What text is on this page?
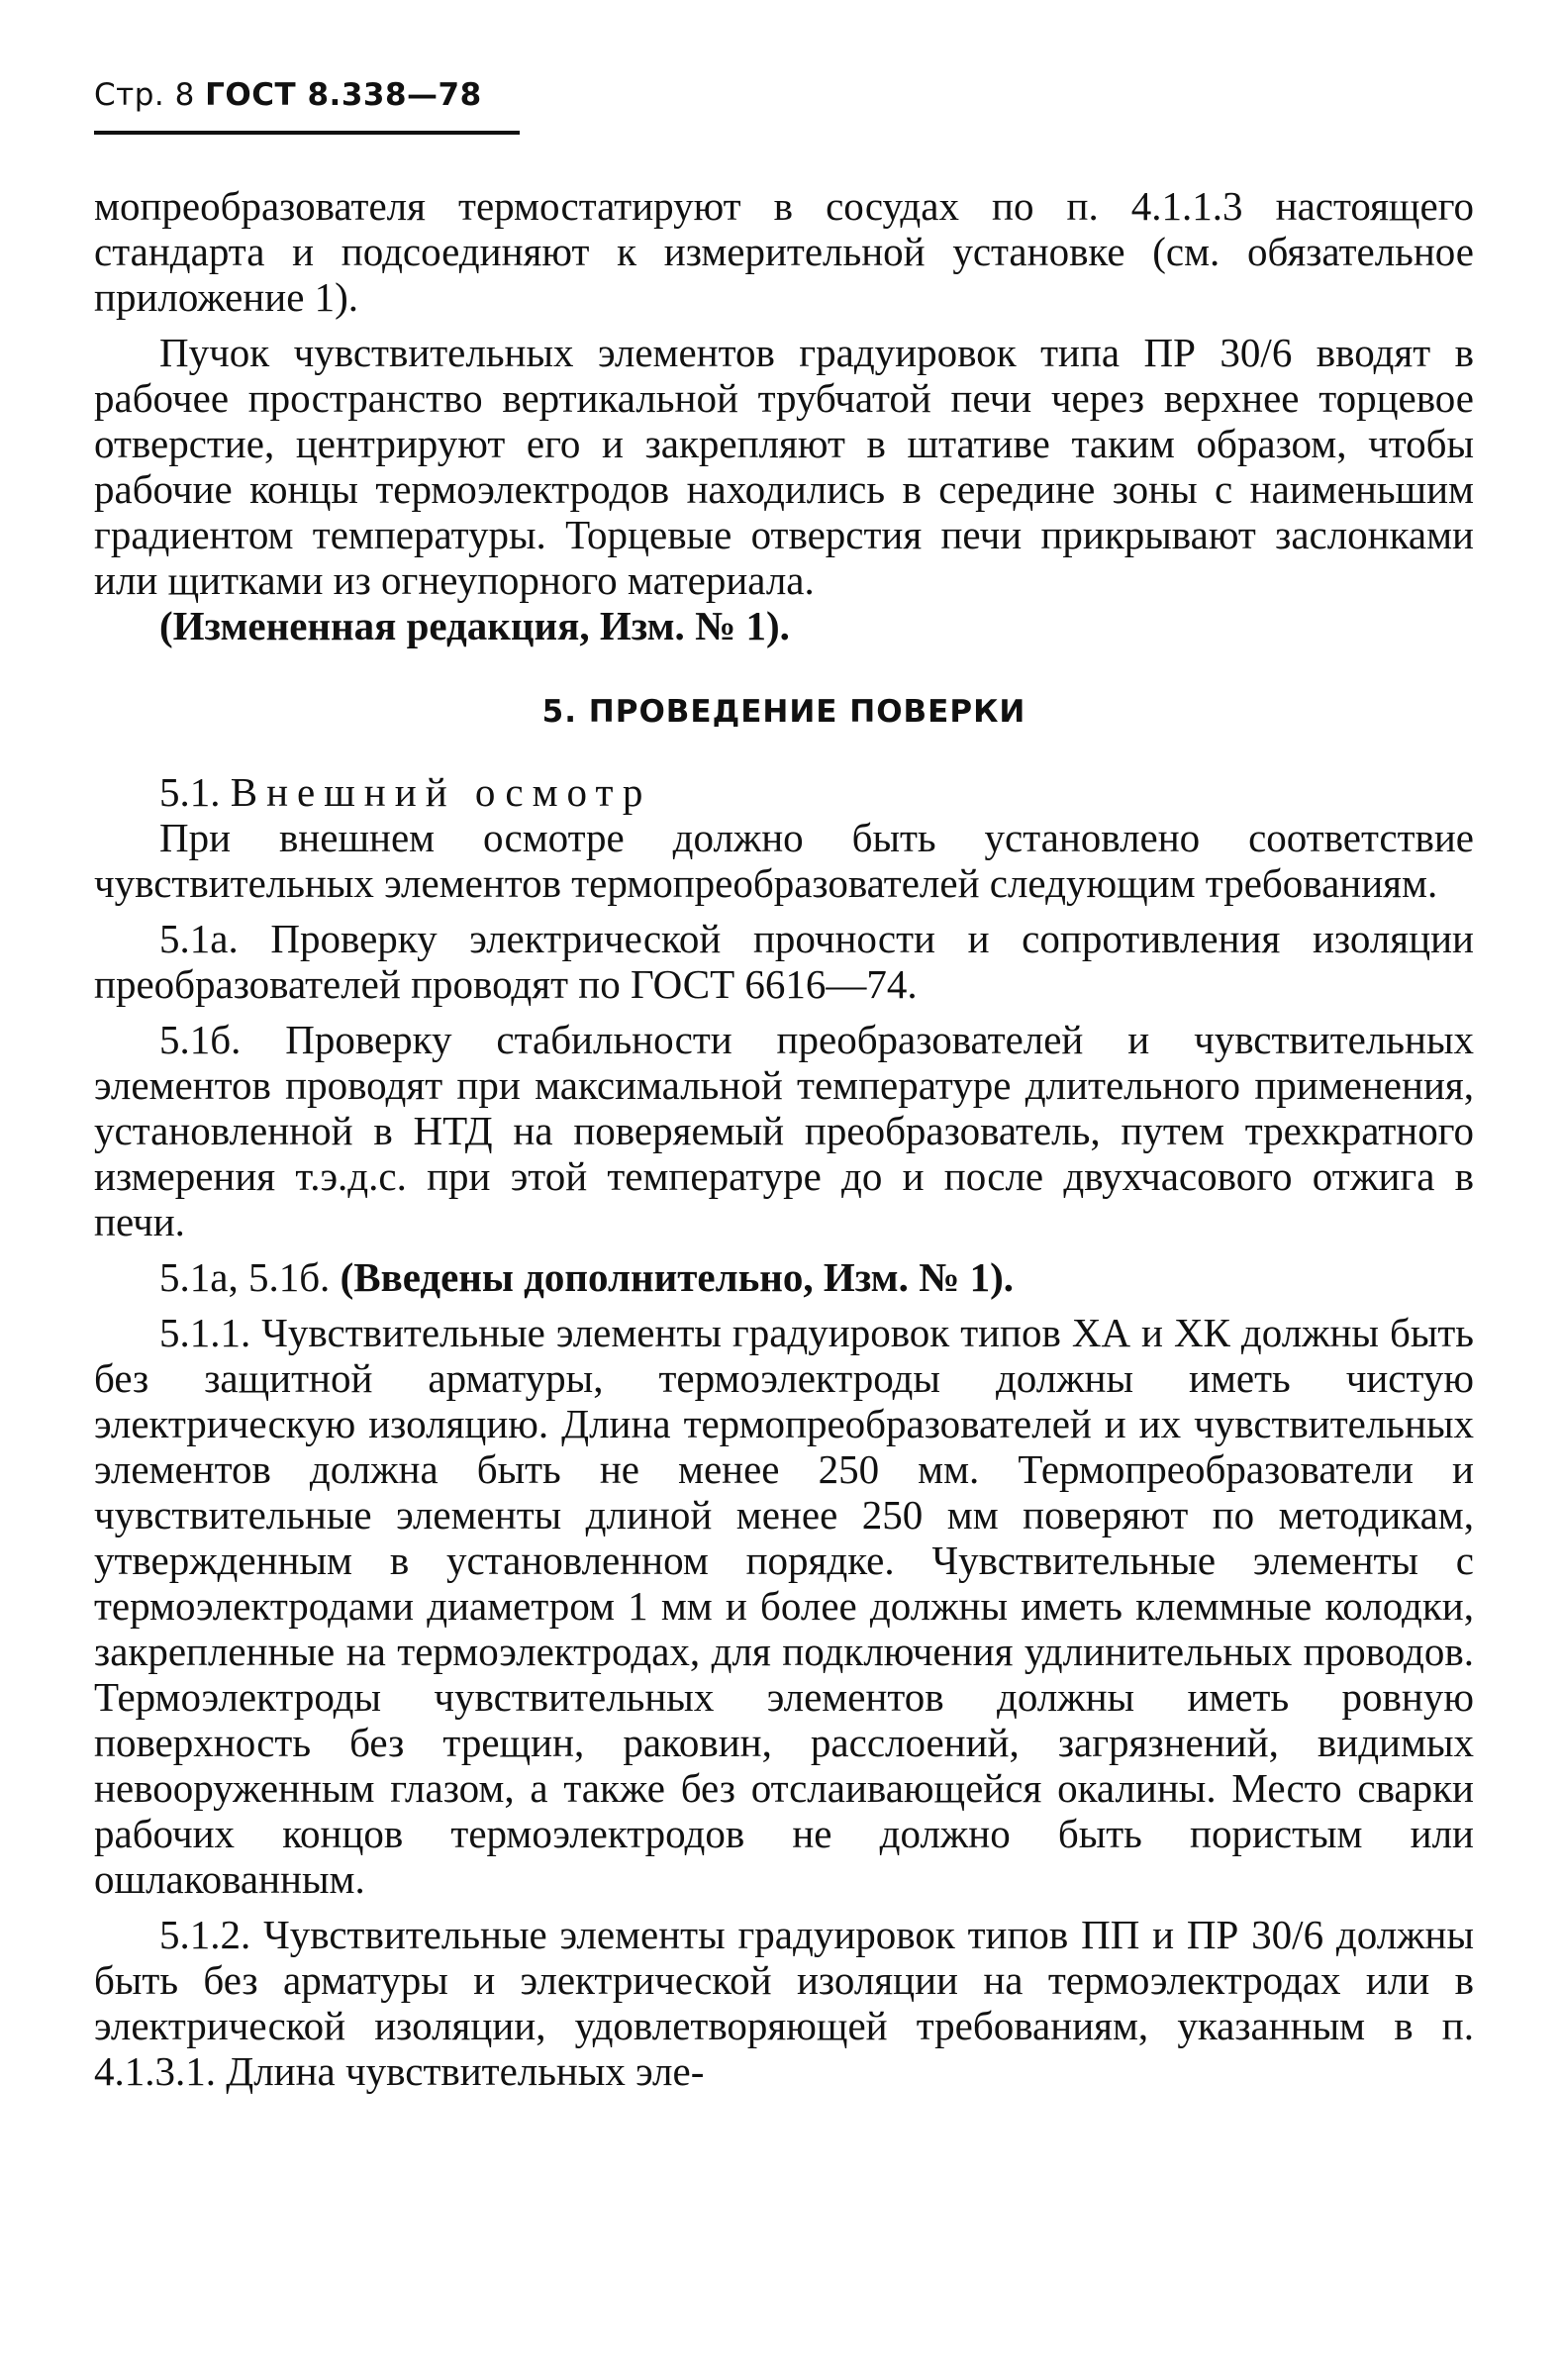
Стр. 8 ГОСТ 8.338—78

мопреобразователя термостатируют в сосудах по п. 4.1.1.3 настоящего стандарта и подсоединяют к измерительной установке (см. обязательное приложение 1).

Пучок чувствительных элементов градуировок типа ПР 30/6 вводят в рабочее пространство вертикальной трубчатой печи через верхнее торцевое отверстие, центрируют его и закрепляют в штативе таким образом, чтобы рабочие концы термоэлектродов находились в середине зоны с наименьшим градиентом температуры. Торцевые отверстия печи прикрывают заслонками или щитками из огнеупорного материала.

(Измененная редакция, Изм. № 1).

5. ПРОВЕДЕНИЕ ПОВЕРКИ

5.1. Внешний осмотр

При внешнем осмотре должно быть установлено соответствие чувствительных элементов термопреобразователей следующим требованиям.

5.1а. Проверку электрической прочности и сопротивления изоляции преобразователей проводят по ГОСТ 6616—74.

5.1б. Проверку стабильности преобразователей и чувствительных элементов проводят при максимальной температуре длительного применения, установленной в НТД на поверяемый преобразователь, путем трехкратного измерения т.э.д.с. при этой температуре до и после двухчасового отжига в печи.

5.1а, 5.1б. (Введены дополнительно, Изм. № 1).

5.1.1. Чувствительные элементы градуировок типов ХА и ХК должны быть без защитной арматуры, термоэлектроды должны иметь чистую электрическую изоляцию. Длина термопреобразователей и их чувствительных элементов должна быть не менее 250 мм. Термопреобразователи и чувствительные элементы длиной менее 250 мм поверяют по методикам, утвержденным в установленном порядке. Чувствительные элементы с термоэлектродами диаметром 1 мм и более должны иметь клеммные колодки, закрепленные на термоэлектродах, для подключения удлинительных проводов. Термоэлектроды чувствительных элементов должны иметь ровную поверхность без трещин, раковин, расслоений, загрязнений, видимых невооруженным глазом, а также без отслаивающейся окалины. Место сварки рабочих концов термоэлектродов не должно быть пористым или ошлакованным.

5.1.2. Чувствительные элементы градуировок типов ПП и ПР 30/6 должны быть без арматуры и электрической изоляции на термоэлектродах или в электрической изоляции, удовлетворяющей требованиям, указанным в п. 4.1.3.1. Длина чувствительных эле-
